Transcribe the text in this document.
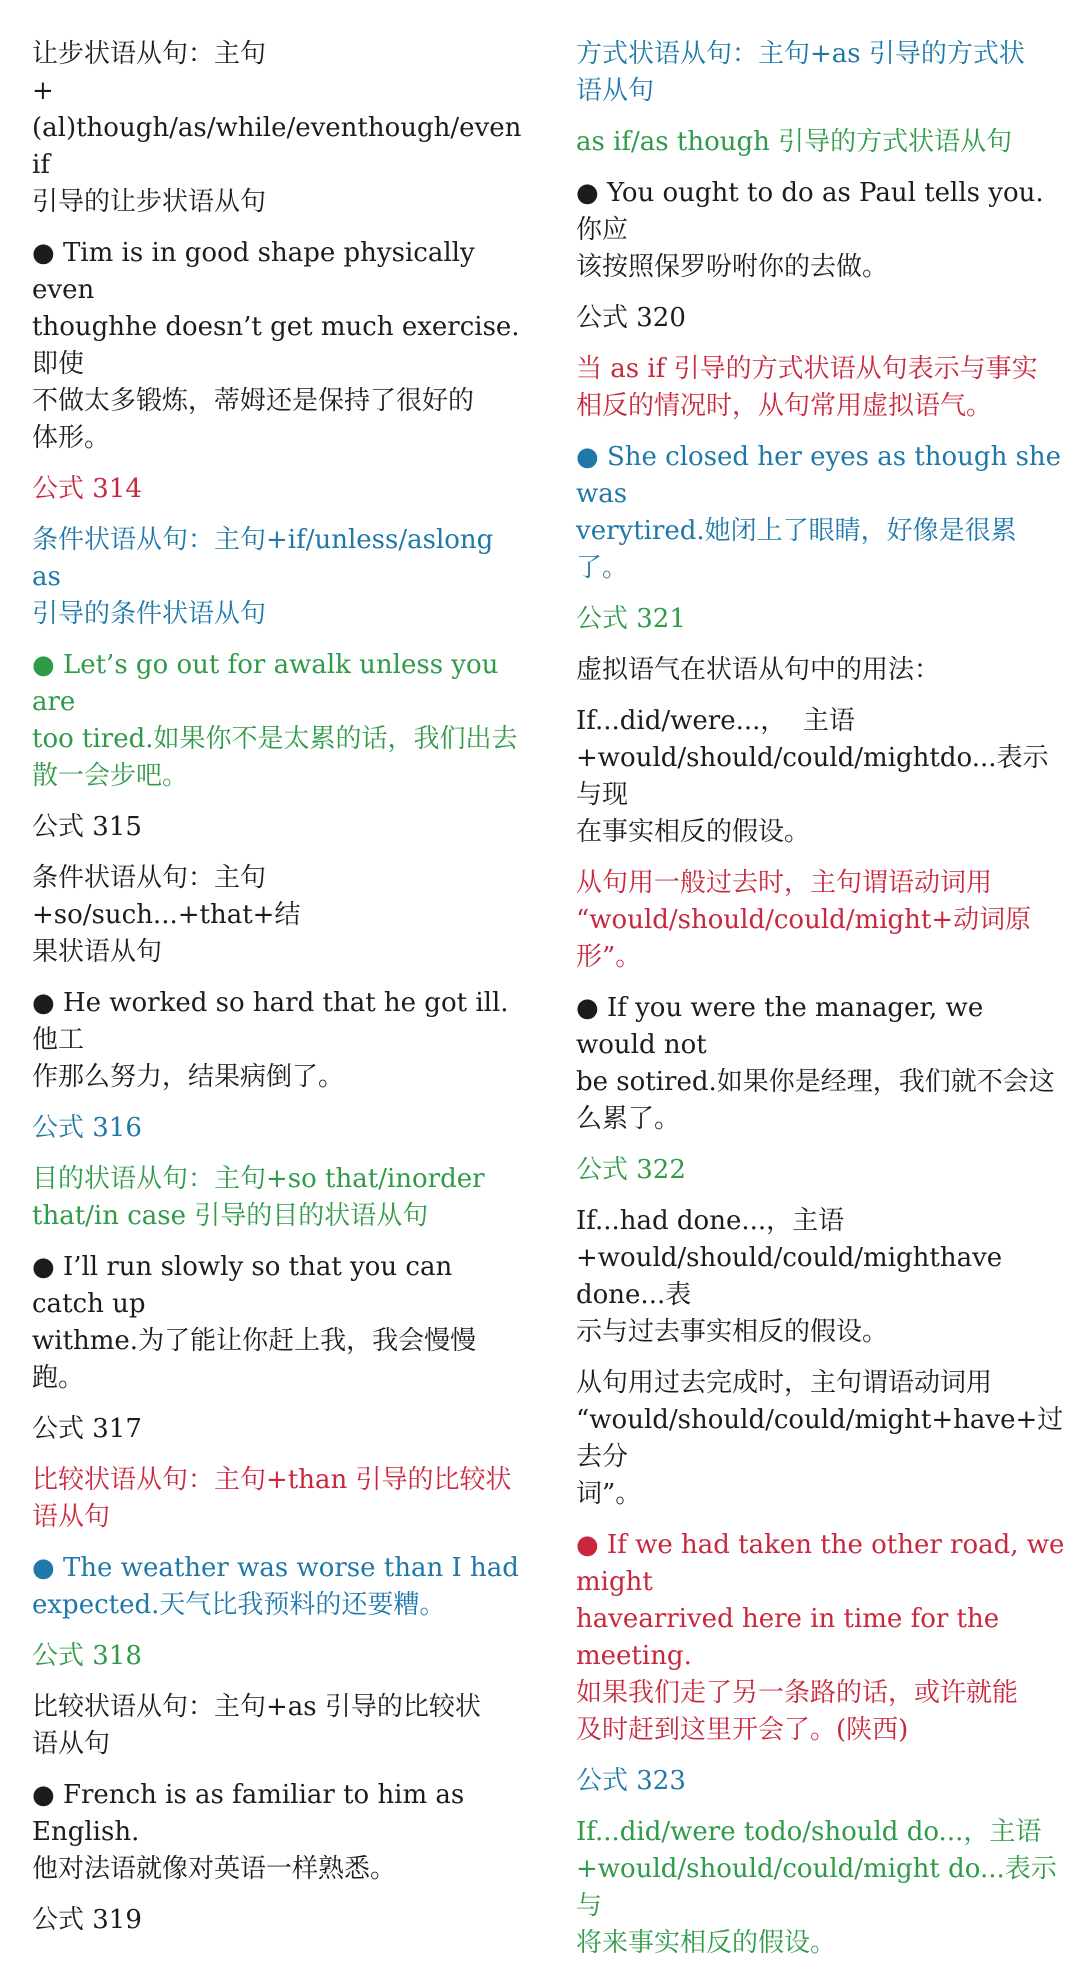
让步状语从句：主句
+(al)though/as/while/eventhough/even if
引导的让步状语从句

● Tim is in good shape physically even
thoughhe doesn’t get much exercise.即使
不做太多锻炼，蒂姆还是保持了很好的
体形。

公式 314

条件状语从句：主句+if/unless/aslong as
引导的条件状语从句

● Let’s go out for awalk unless you are
too tired.如果你不是太累的话，我们出去
散一会步吧。

公式 315

条件状语从句：主句+so/such...+that+结
果状语从句

● He worked so hard that he got ill.他工
作那么努力，结果病倒了。

公式 316

目的状语从句：主句+so that/inorder
that/in case 引导的目的状语从句

● I’ll run slowly so that you can catch up
withme.为了能让你赶上我，我会慢慢跑。

公式 317

比较状语从句：主句+than 引导的比较状
语从句

● The weather was worse than I had
expected.天气比我预料的还要糟。

公式 318

比较状语从句：主句+as 引导的比较状
语从句

● French is as familiar to him as English.
他对法语就像对英语一样熟悉。

公式 319

方式状语从句：主句+as 引导的方式状
语从句

as if/as though 引导的方式状语从句

● You ought to do as Paul tells you.你应
该按照保罗吩咐你的去做。

公式 320

当 as if 引导的方式状语从句表示与事实
相反的情况时，从句常用虚拟语气。

● She closed her eyes as though she was
verytired.她闭上了眼睛，好像是很累了。

公式 321

虚拟语气在状语从句中的用法：

If...did/were...，  主语
+would/should/could/mightdo...表示与现
在事实相反的假设。

从句用一般过去时，主句谓语动词用
“would/should/could/might+动词原形”。

● If you were the manager, we would not
be sotired.如果你是经理，我们就不会这
么累了。

公式 322

If...had done...，主语
+would/should/could/mighthave done...表
示与过去事实相反的假设。

从句用过去完成时，主句谓语动词用
“would/should/could/might+have+过去分
词”。

● If we had taken the other road, we might
havearrived here in time for the meeting.
如果我们走了另一条路的话，或许就能
及时赶到这里开会了。(陕西)

公式 323

If...did/were todo/should do...，主语
+would/should/could/might do...表示与
将来事实相反的假设。
